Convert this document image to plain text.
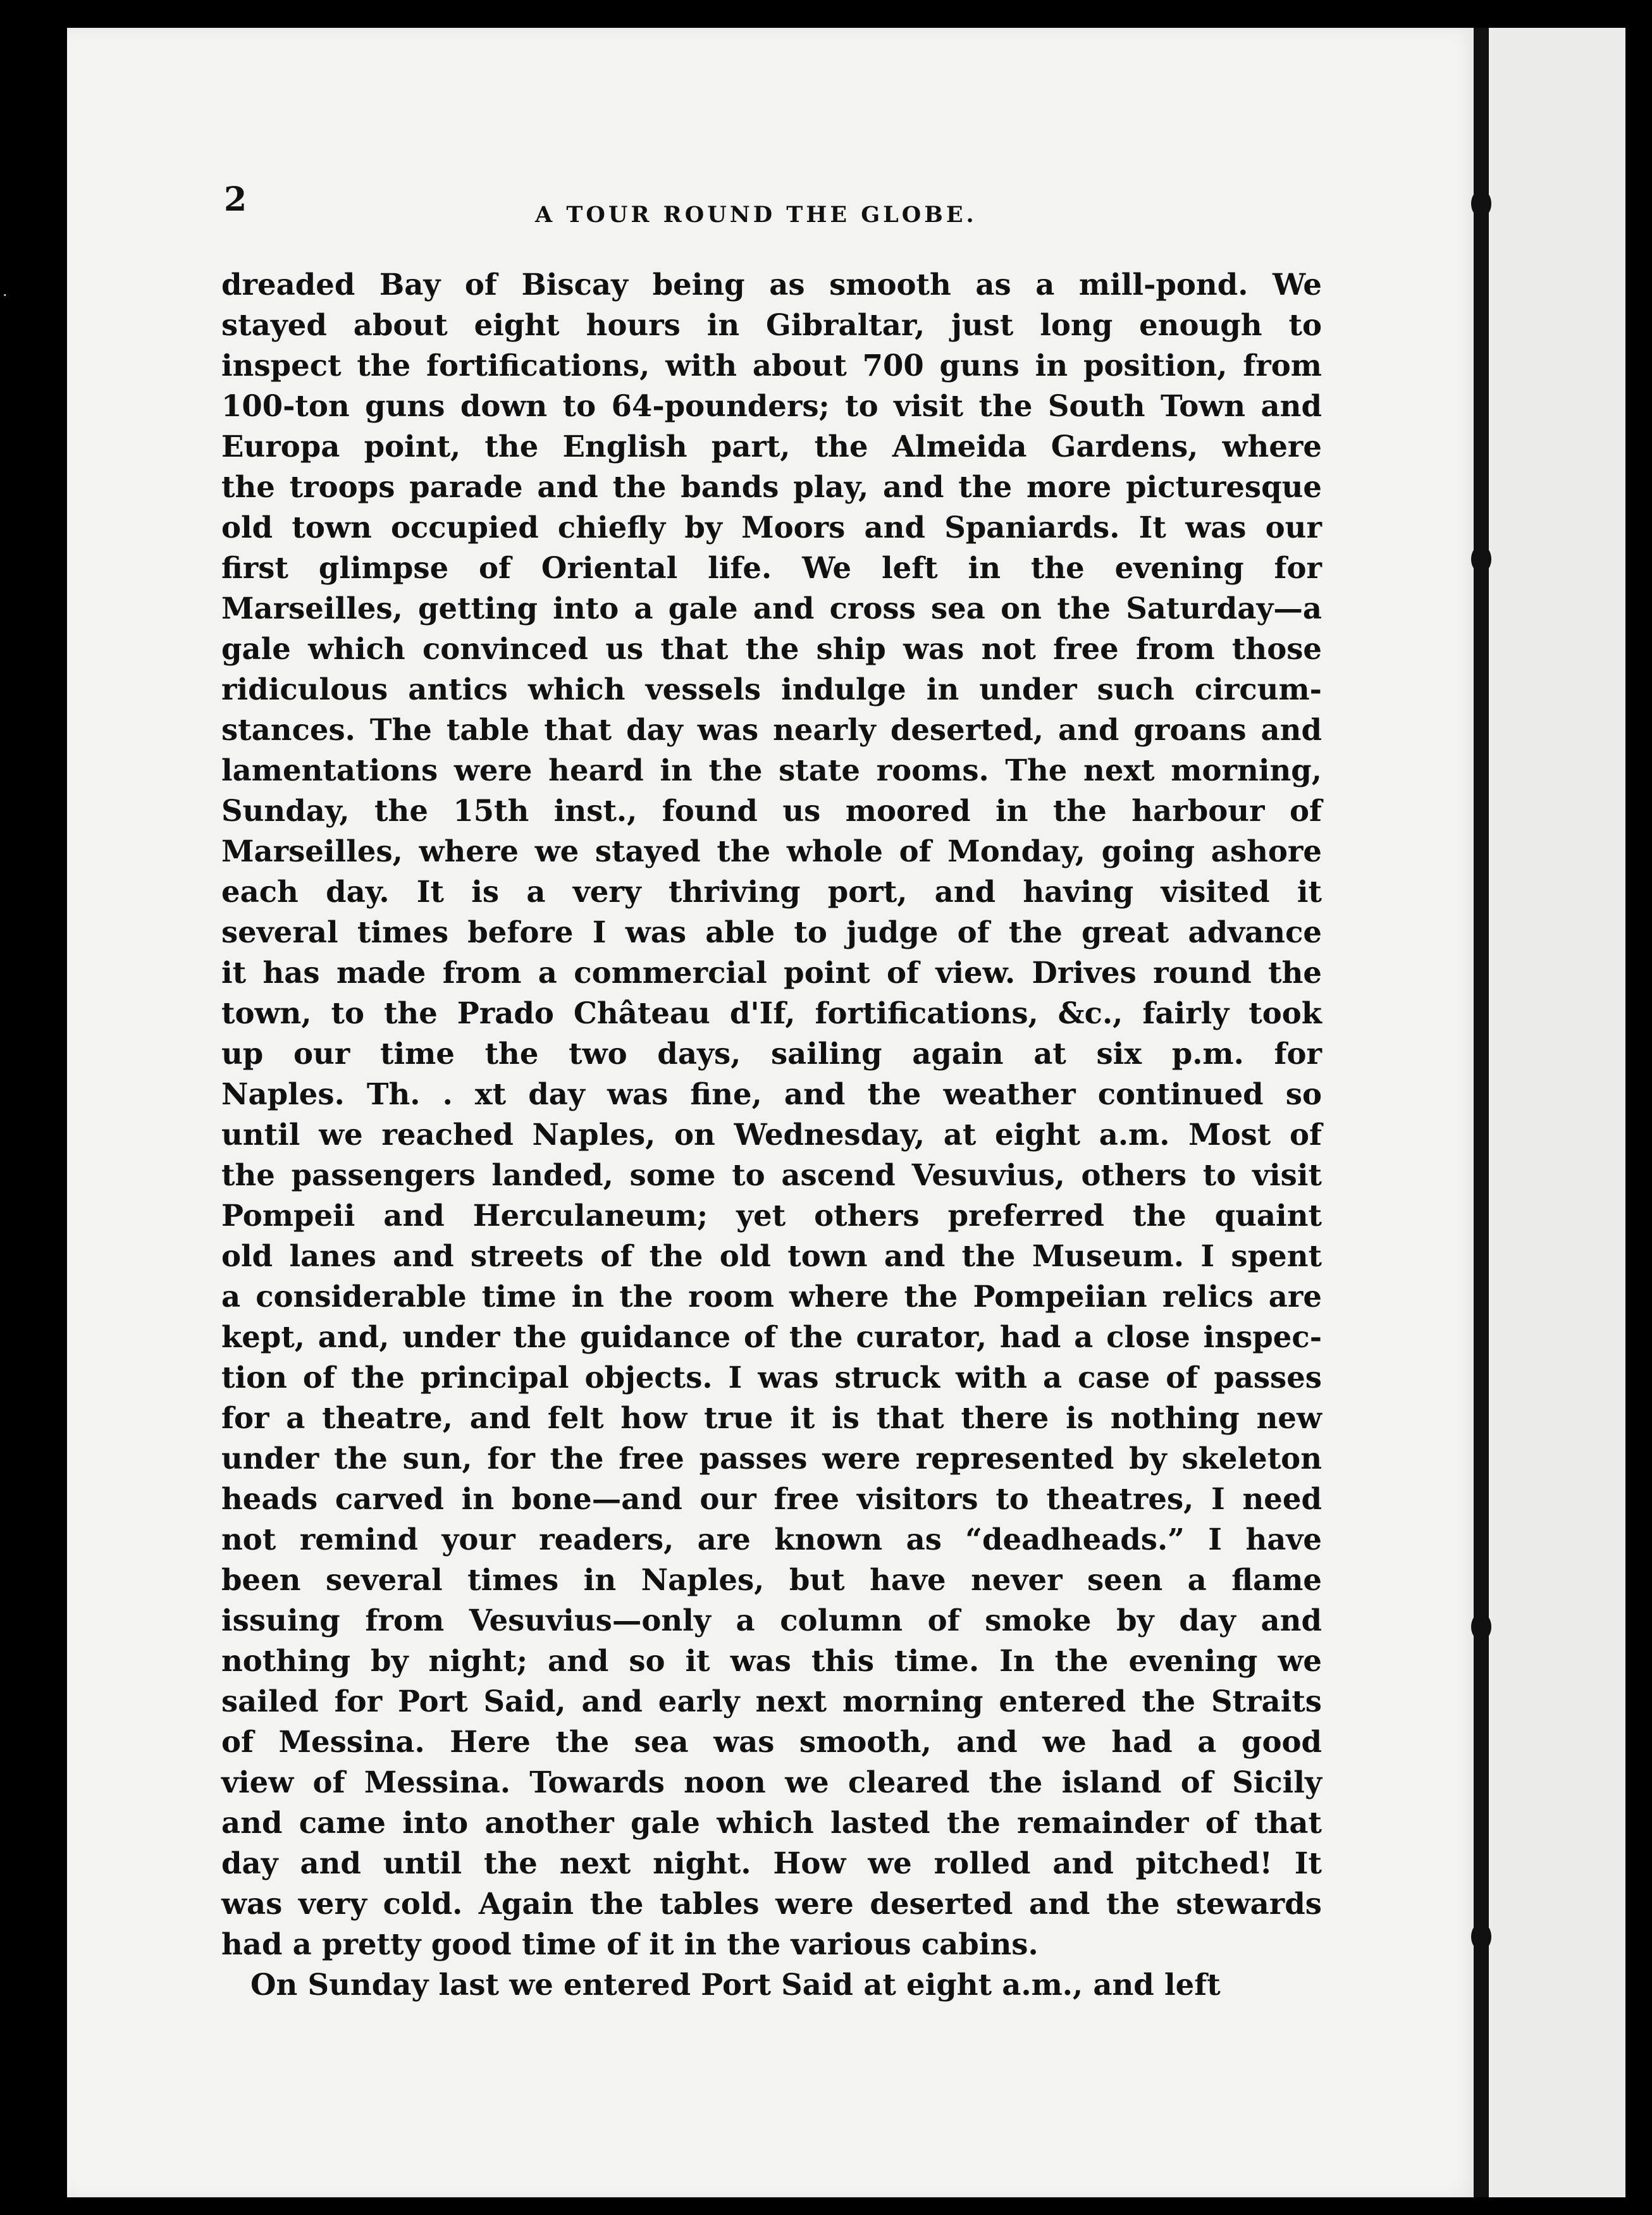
·
2	A TOUR ROUND THE GLOBE.
dreaded Bay of Biscay being as smooth as a mill-pond. We
stayed about eight hours in Gibraltar, just long enough to
inspect the fortifications, with about 700 guns in position, from
100-ton guns down to 64-pounders; to visit the South Town and
Europa point, the English part, the Almeida Gardens, where
the troops parade and the bands play, and the more picturesque
old town occupied chiefly by Moors and Spaniards. It was our
first glimpse of Oriental life. We left in the evening for
Marseilles, getting into a gale and cross sea on the Saturday—a
gale which convinced us that the ship was not free from those
ridiculous antics which vessels indulge in under such circum-
stances. The table that day was nearly deserted, and groans and
lamentations were heard in the state rooms. The next morning,
Sunday, the 15th inst., found us moored in the harbour of
Marseilles, where we stayed the whole of Monday, going ashore
each day. It is a very thriving port, and having visited it
several times before I was able to judge of the great advance
it has made from a commercial point of view. Drives round the
town, to the Prado Château d'If, fortifications, &c., fairly took
up our time the two days, sailing again at six p.m. for
Naples. Th. . xt day was fine, and the weather continued so
until we reached Naples, on Wednesday, at eight a.m. Most of
the passengers landed, some to ascend Vesuvius, others to visit
Pompeii and Herculaneum; yet others preferred the quaint
old lanes and streets of the old town and the Museum. I spent
a considerable time in the room where the Pompeiian relics are
kept, and, under the guidance of the curator, had a close inspec-
tion of the principal objects. I was struck with a case of passes
for a theatre, and felt how true it is that there is nothing new
under the sun, for the free passes were represented by skeleton
heads carved in bone—and our free visitors to theatres, I need
not remind your readers, are known as “deadheads.” I have
been several times in Naples, but have never seen a flame
issuing from Vesuvius—only a column of smoke by day and
nothing by night; and so it was this time. In the evening we
sailed for Port Said, and early next morning entered the Straits
of Messina. Here the sea was smooth, and we had a good
view of Messina. Towards noon we cleared the island of Sicily
and came into another gale which lasted the remainder of that
day and until the next night. How we rolled and pitched! It
was very cold. Again the tables were deserted and the stewards
had a pretty good time of it in the various cabins.
On Sunday last we entered Port Said at eight a.m., and left
